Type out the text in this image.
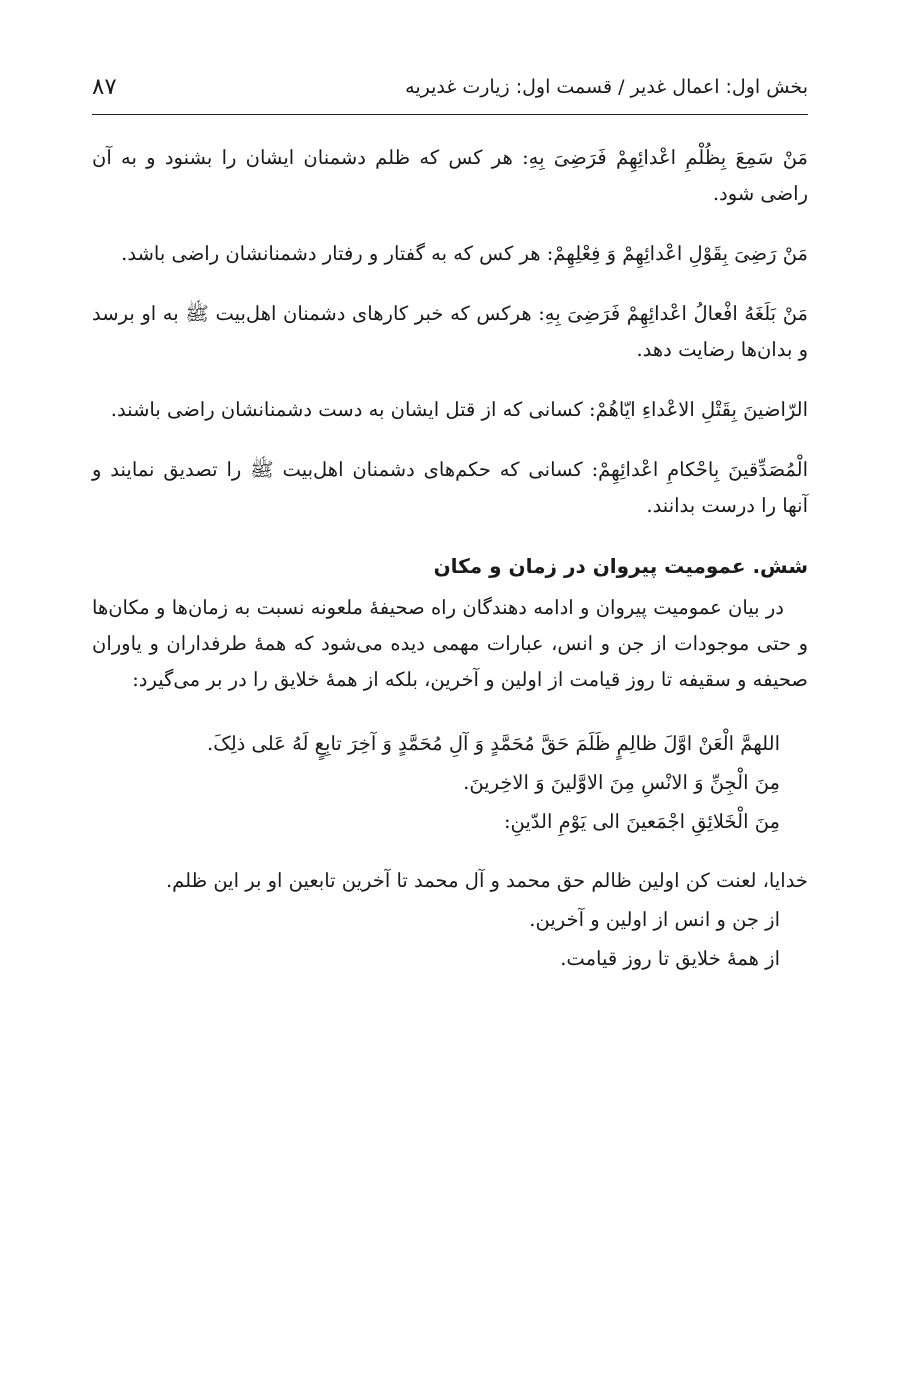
بخش اول: اعمال غدیر / قسمت اول: زیارت غدیریه
۸۷

مَنْ سَمِعَ بِظُلْمِ اعْدائِهِمْ فَرَضِیَ بِهِ: هر کس که ظلم دشمنان ایشان را بشنود و به آن راضی شود.

مَنْ رَضِیَ بِقَوْلِ اعْدائِهِمْ وَ فِعْلِهِمْ: هر کس که به گفتار و رفتار دشمنانشان راضی باشد.

مَنْ بَلَغَهُ افْعالُ اعْدائِهِمْ فَرَضِیَ بِهِ: هرکس که خبر کارهای دشمنان اهل‌بیت ﷺ به او برسد و بدان‌ها رضایت دهد.

الرّاضینَ بِقَتْلِ الاعْداءِ ایّاهُمْ: کسانی که از قتل ایشان به دست دشمنانشان راضی باشند.

الْمُصَدِّقینَ بِاحْکامِ اعْدائِهِمْ: کسانی که حکم‌های دشمنان اهل‌بیت ﷺ را تصدیق نمایند و آنها را درست بدانند.

شش. عمومیت پیروان در زمان و مکان

در بیان عمومیت پیروان و ادامه دهندگان راه صحیفۀ ملعونه نسبت به زمان‌ها و مکان‌ها و حتی موجودات از جن و انس، عبارات مهمی دیده می‌شود که همۀ طرفداران و یاوران صحیفه و سقیفه تا روز قیامت از اولین و آخرین، بلکه از همۀ خلایق را در بر می‌گیرد:

اللهمَّ الْعَنْ اوَّلَ ظالِمٍ ظَلَمَ حَقَّ مُحَمَّدٍ وَ آلِ مُحَمَّدٍ وَ آخِرَ تابِعٍ لَهُ عَلی ذلِکَ.
مِنَ الْجِنِّ وَ الانْسِ مِنَ الاوَّلینَ وَ الاخِرینَ.
مِنَ الْخَلائِقِ اجْمَعینَ الی یَوْمِ الدّینِ:
خدایا، لعنت کن اولین ظالم حق محمد و آل محمد تا آخرین تابعین او بر این ظلم.
از جن و انس از اولین و آخرین.
از همۀ خلایق تا روز قیامت.
